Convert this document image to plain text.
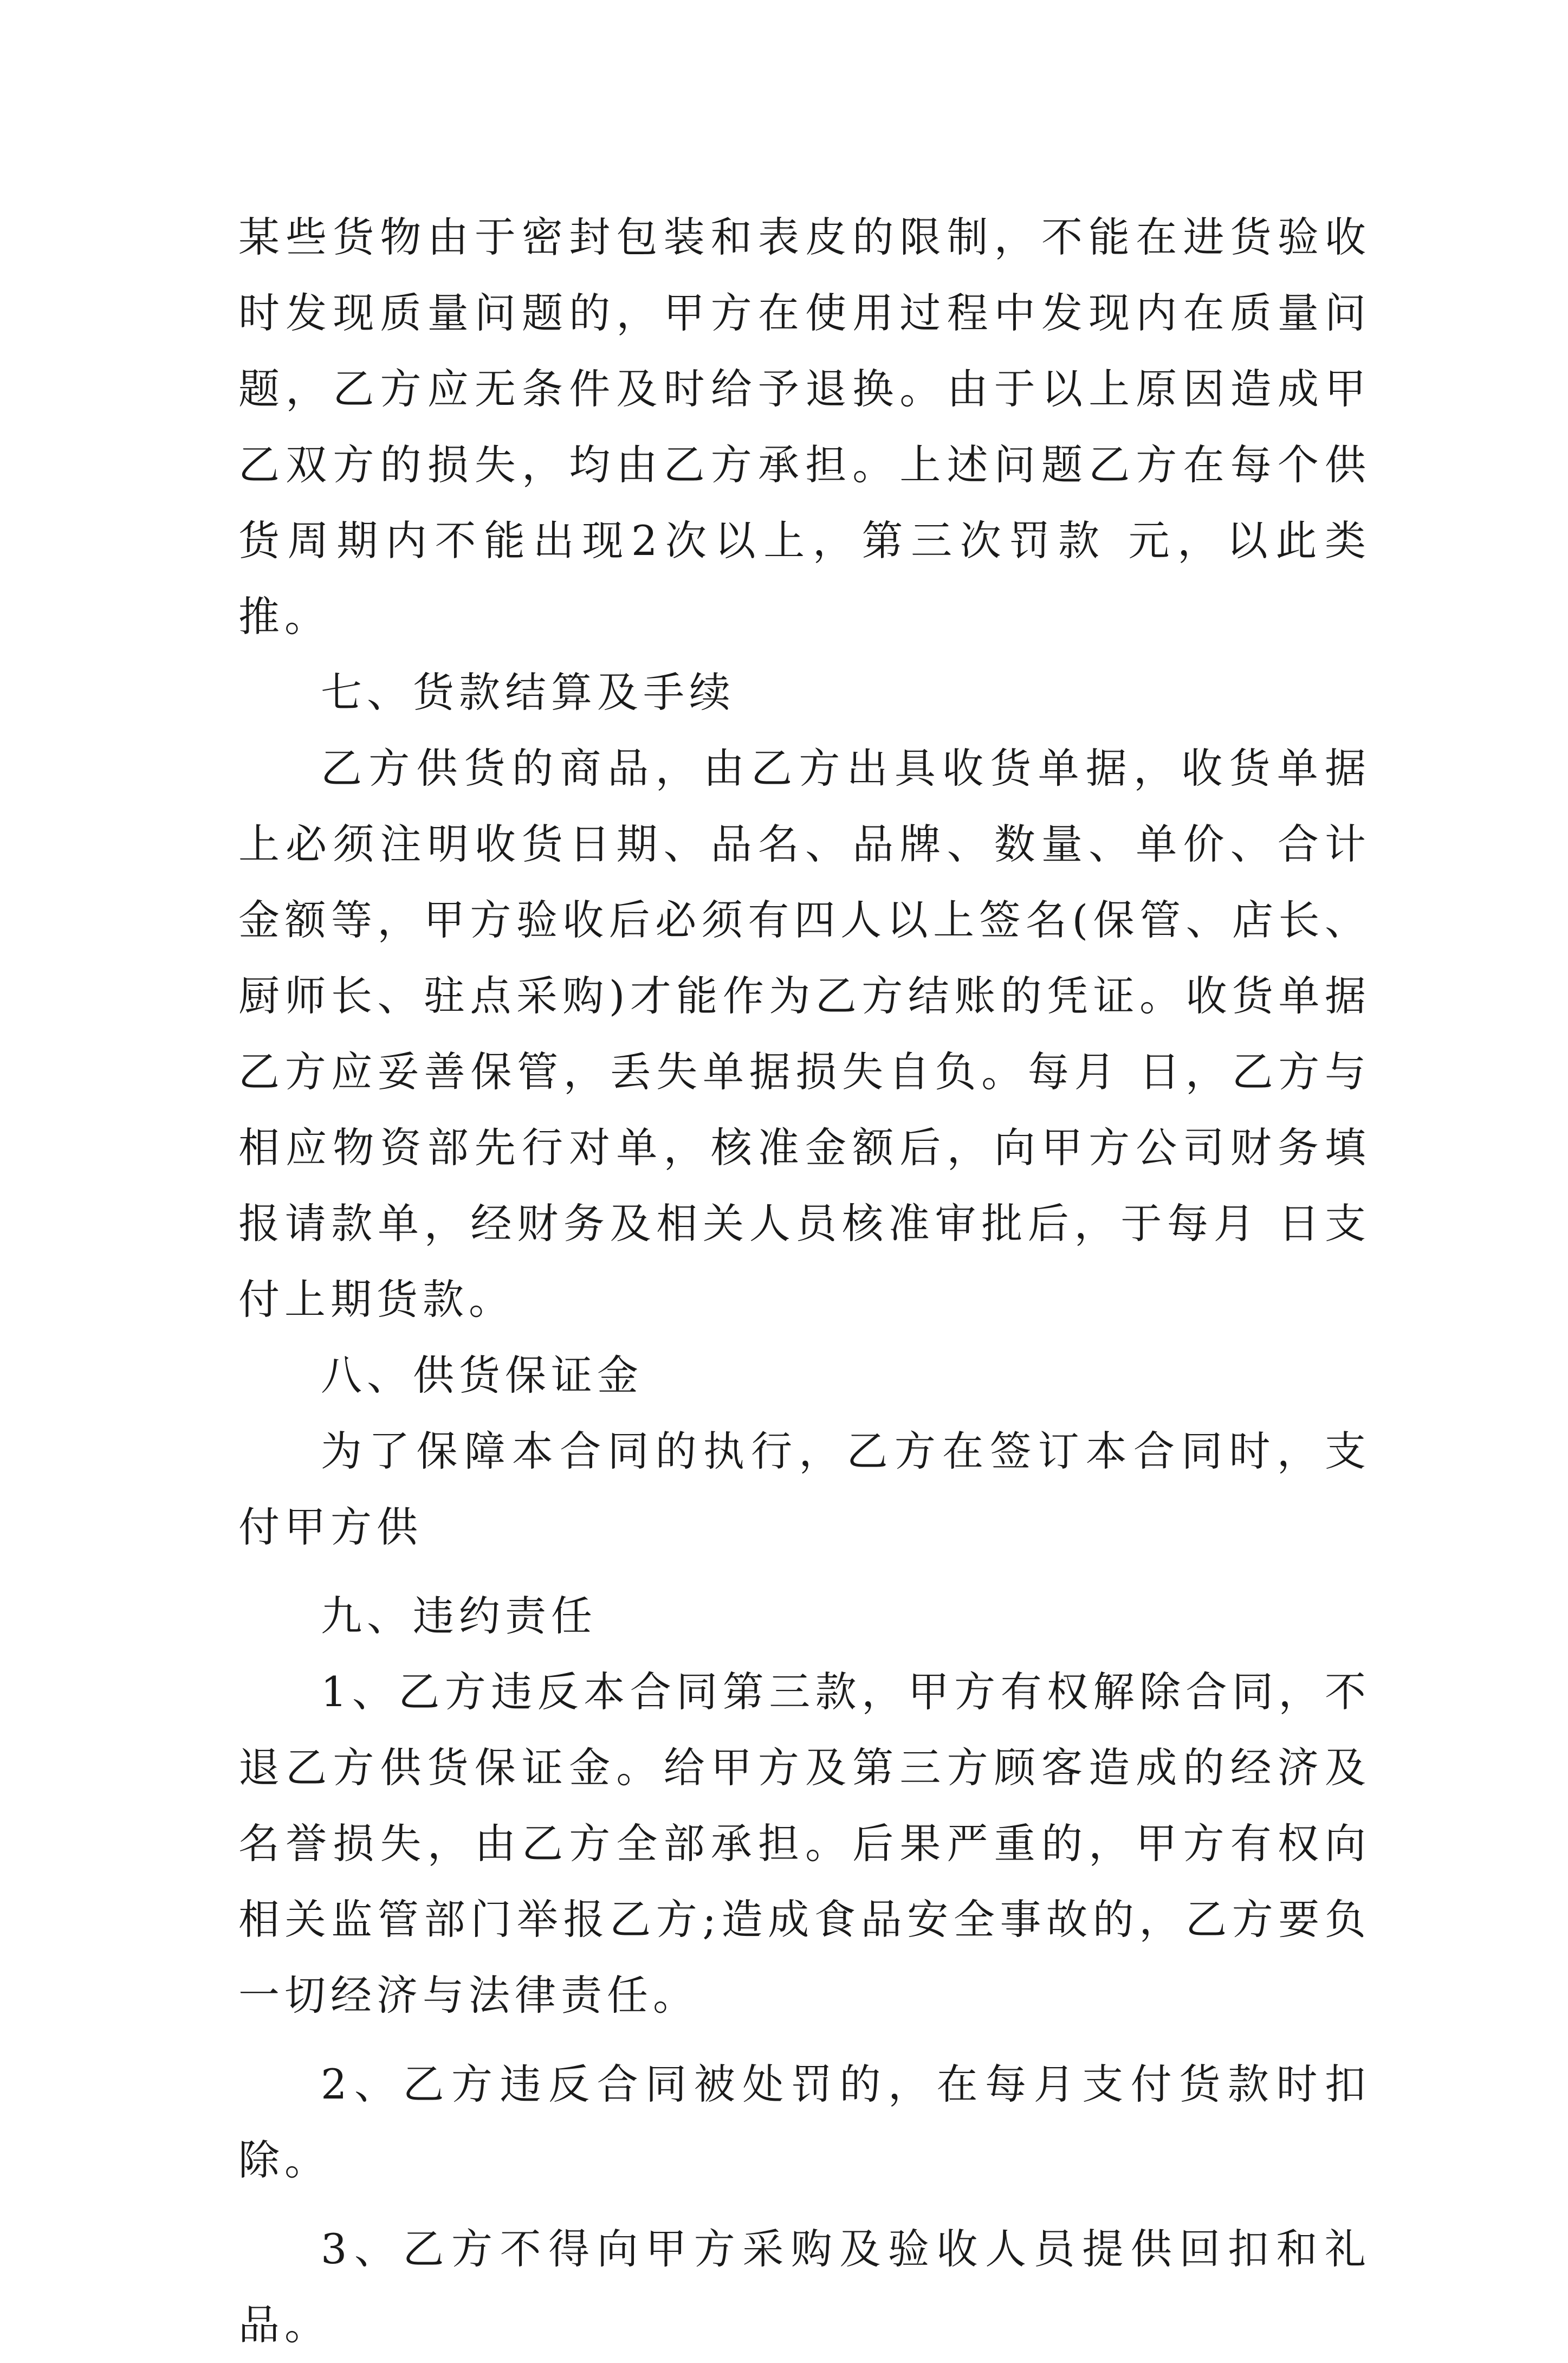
某些货物由于密封包装和表皮的限制，不能在进货验收时发现质量问题的，甲方在使用过程中发现内在质量问题，乙方应无条件及时给予退换。由于以上原因造成甲乙双方的损失，均由乙方承担。上述问题乙方在每个供货周期内不能出现2次以上，第三次罚款 元，以此类推。

七、货款结算及手续

乙方供货的商品，由乙方出具收货单据，收货单据上必须注明收货日期、品名、品牌、数量、单价、合计金额等，甲方验收后必须有四人以上签名(保管、店长、厨师长、驻点采购)才能作为乙方结账的凭证。收货单据乙方应妥善保管，丢失单据损失自负。每月 日，乙方与相应物资部先行对单，核准金额后，向甲方公司财务填报请款单，经财务及相关人员核准审批后，于每月 日支付上期货款。

八、供货保证金

为了保障本合同的执行，乙方在签订本合同时，支付甲方供

九、违约责任

1、乙方违反本合同第三款，甲方有权解除合同，不退乙方供货保证金。给甲方及第三方顾客造成的经济及名誉损失，由乙方全部承担。后果严重的，甲方有权向相关监管部门举报乙方;造成食品安全事故的，乙方要负一切经济与法律责任。

2、乙方违反合同被处罚的，在每月支付货款时扣除。

3、乙方不得向甲方采购及验收人员提供回扣和礼品。
